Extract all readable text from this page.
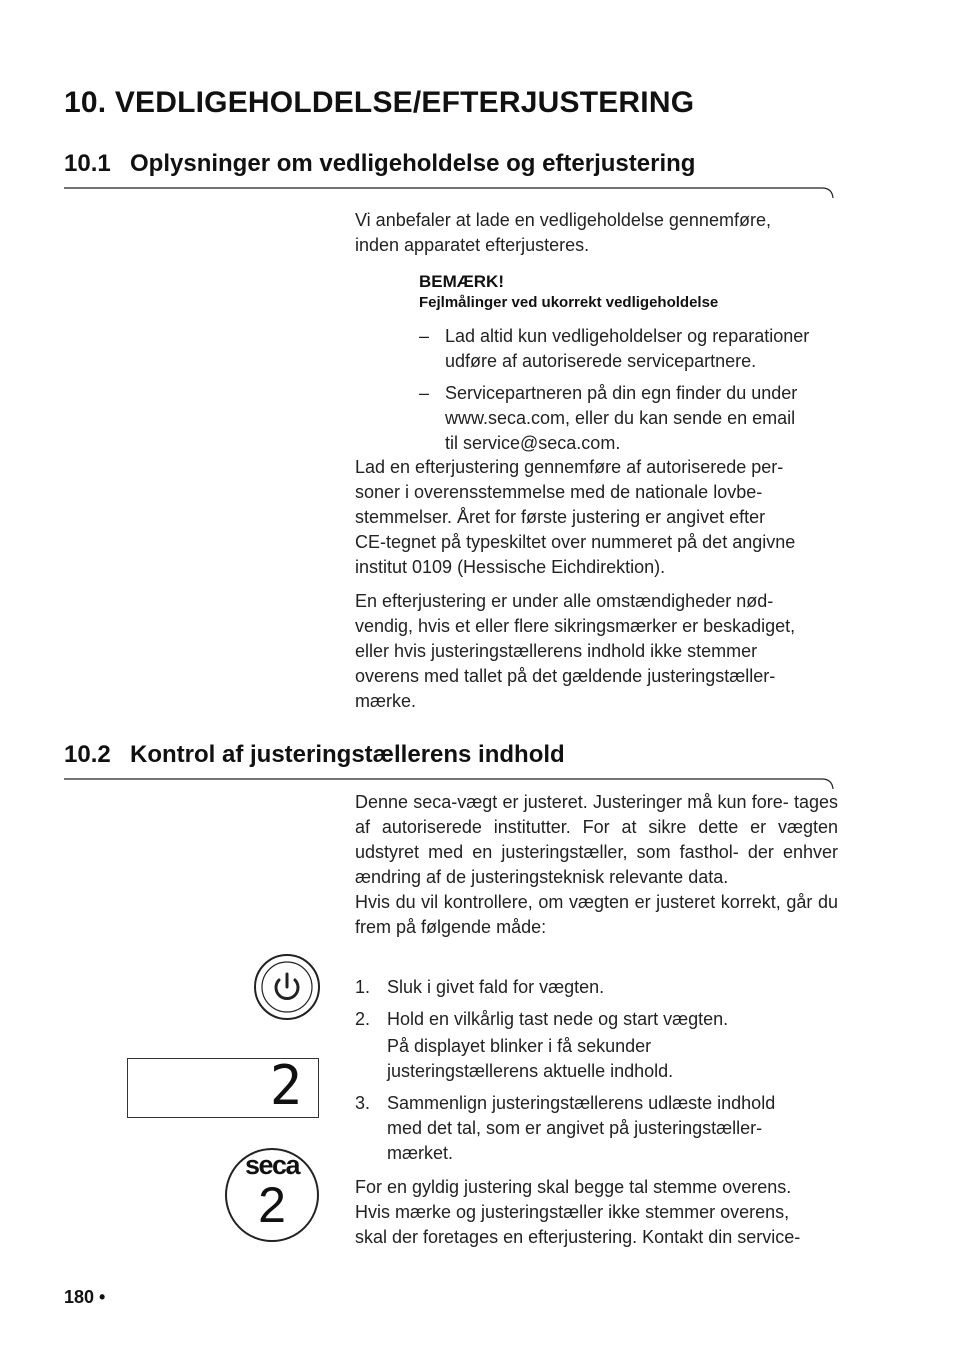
10. VEDLIGEHOLDELSE/EFTERJUSTERING
10.1 Oplysninger om vedligeholdelse og efterjustering

Vi anbefaler at lade en vedligeholdelse gennemføre,
inden apparatet efterjusteres.

BEMÆRK!
Fejlmålinger ved ukorrekt vedligeholdelse
– Lad altid kun vedligeholdelser og reparationer
udføre af autoriserede servicepartnere.
– Servicepartneren på din egn finder du under
www.seca.com, eller du kan sende en email
til service@seca.com.

Lad en efterjustering gennemføre af autoriserede per-
soner i overensstemmelse med de nationale lovbe-
stemmelser. Året for første justering er angivet efter
CE-tegnet på typeskiltet over nummeret på det angivne
institut 0109 (Hessische Eichdirektion).

En efterjustering er under alle omstændigheder nød-
vendig, hvis et eller flere sikringsmærker er beskadiget,
eller hvis justeringstællerens indhold ikke stemmer
overens med tallet på det gældende justeringstæller-
mærke.

10.2 Kontrol af justeringstællerens indhold

Denne seca-vægt er justeret. Justeringer må kun fore- tages af autoriserede institutter. For at sikre dette er vægten udstyret med en justeringstæller, som fasthol- der enhver ændring af de justeringsteknisk relevante data.

Hvis du vil kontrollere, om vægten er justeret korrekt, går du frem på følgende måde:

1. Sluk i givet fald for vægten.
2. Hold en vilkårlig tast nede og start vægten.
På displayet blinker i få sekunder
justeringstællerens aktuelle indhold.
3. Sammenlign justeringstællerens udlæste indhold
med det tal, som er angivet på justeringstæller-
mærket.

For en gyldig justering skal begge tal stemme overens.
Hvis mærke og justeringstæller ikke stemmer overens,
skal der foretages en efterjustering. Kontakt din service-

2
seca
2
180 •
